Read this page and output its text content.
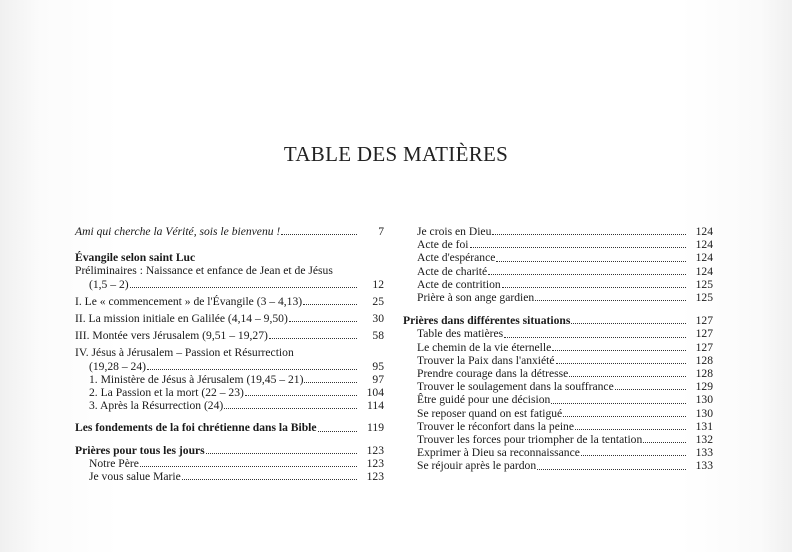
TABLE DES MATIÈRES
Ami qui cherche la Vérité, sois le bienvenu !	7
Évangile selon saint Luc
Préliminaires : Naissance et enfance de Jean et de Jésus
(1,5 – 2)	12
I. Le « commencement » de l'Évangile (3 – 4,13)	25
II. La mission initiale en Galilée (4,14 – 9,50)	30
III. Montée vers Jérusalem (9,51 – 19,27)	58
IV. Jésus à Jérusalem – Passion et Résurrection
(19,28 – 24)	95
1. Ministère de Jésus à Jérusalem (19,45 – 21)	97
2. La Passion et la mort (22 – 23)	104
3. Après la Résurrection (24)	114
Les fondements de la foi chrétienne dans la Bible	119
Prières pour tous les jours	123
Notre Père	123
Je vous salue Marie	123
Je crois en Dieu	124
Acte de foi	124
Acte d'espérance	124
Acte de charité	124
Acte de contrition	125
Prière à son ange gardien	125
Prières dans différentes situations	127
Table des matières	127
Le chemin de la vie éternelle	127
Trouver la Paix dans l'anxiété	128
Prendre courage dans la détresse	128
Trouver le soulagement dans la souffrance	129
Être guidé pour une décision	130
Se reposer quand on est fatigué	130
Trouver le réconfort dans la peine	131
Trouver les forces pour triompher de la tentation	132
Exprimer à Dieu sa reconnaissance	133
Se réjouir après le pardon	133
